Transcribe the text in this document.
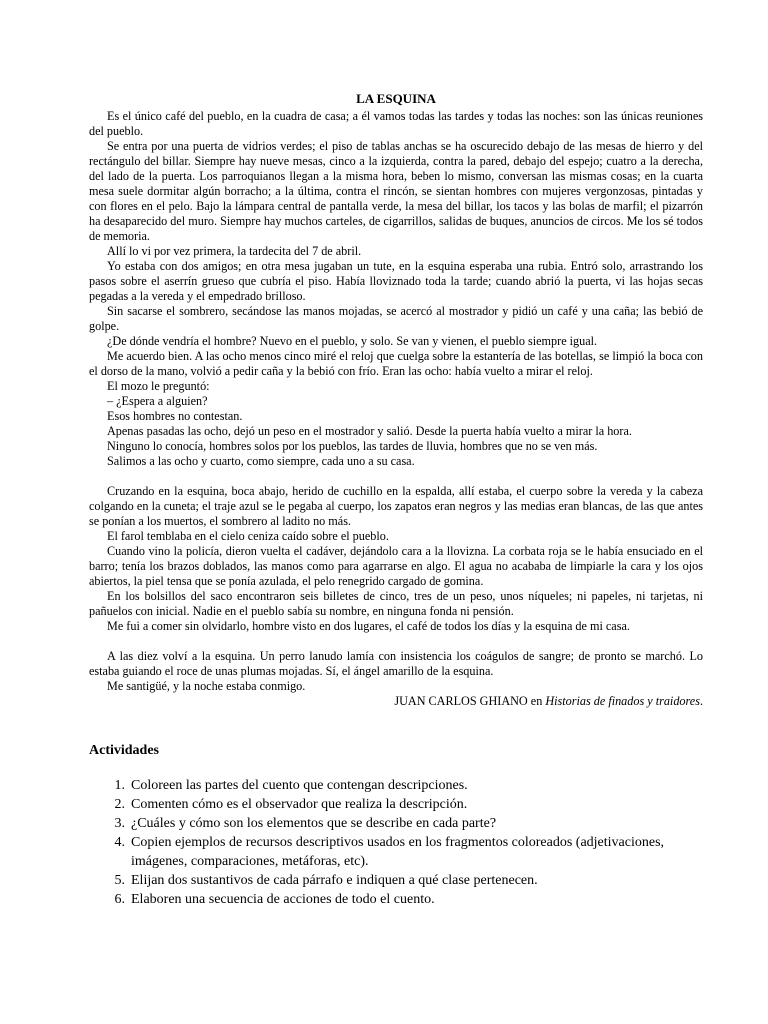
LA ESQUINA

Es el único café del pueblo, en la cuadra de casa; a él vamos todas las tardes y todas las noches: son las únicas reuniones del pueblo.

Se entra por una puerta de vidrios verdes; el piso de tablas anchas se ha oscurecido debajo de las mesas de hierro y del rectángulo del billar. Siempre hay nueve mesas, cinco a la izquierda, contra la pared, debajo del espejo; cuatro a la derecha, del lado de la puerta. Los parroquianos llegan a la misma hora, beben lo mismo, conversan las mismas cosas; en la cuarta mesa suele dormitar algún borracho; a la última, contra el rincón, se sientan hombres con mujeres vergonzosas, pintadas y con flores en el pelo. Bajo la lámpara central de pantalla verde, la mesa del billar, los tacos y las bolas de marfil; el pizarrón ha desaparecido del muro. Siempre hay muchos carteles, de cigarrillos, salidas de buques, anuncios de circos. Me los sé todos de memoria.

Allí lo vi por vez primera, la tardecita del 7 de abril.

Yo estaba con dos amigos; en otra mesa jugaban un tute, en la esquina esperaba una rubia. Entró solo, arrastrando los pasos sobre el aserrín grueso que cubría el piso. Había lloviznado toda la tarde; cuando abrió la puerta, vi las hojas secas pegadas a la vereda y el empedrado brilloso.

Sin sacarse el sombrero, secándose las manos mojadas, se acercó al mostrador y pidió un café y una caña; las bebió de golpe.

¿De dónde vendría el hombre? Nuevo en el pueblo, y solo. Se van y vienen, el pueblo siempre igual.

Me acuerdo bien. A las ocho menos cinco miré el reloj que cuelga sobre la estantería de las botellas, se limpió la boca con el dorso de la mano, volvió a pedir caña y la bebió con frío. Eran las ocho: había vuelto a mirar el reloj.

El mozo le preguntó:

– ¿Espera a alguien?

Esos hombres no contestan.

Apenas pasadas las ocho, dejó un peso en el mostrador y salió. Desde la puerta había vuelto a mirar la hora.

Ninguno lo conocía, hombres solos por los pueblos, las tardes de lluvia, hombres que no se ven más.

Salimos a las ocho y cuarto, como siempre, cada uno a su casa.

Cruzando en la esquina, boca abajo, herido de cuchillo en la espalda, allí estaba, el cuerpo sobre la vereda y la cabeza colgando en la cuneta; el traje azul se le pegaba al cuerpo, los zapatos eran negros y las medias eran blancas, de las que antes se ponían a los muertos, el sombrero al ladito no más.

El farol temblaba en el cielo ceniza caído sobre el pueblo.

Cuando vino la policía, dieron vuelta el cadáver, dejándolo cara a la llovizna. La corbata roja se le había ensuciado en el barro; tenía los brazos doblados, las manos como para agarrarse en algo. El agua no acababa de limpiarle la cara y los ojos abiertos, la piel tensa que se ponía azulada, el pelo renegrido cargado de gomina.

En los bolsillos del saco encontraron seis billetes de cinco, tres de un peso, unos níqueles; ni papeles, ni tarjetas, ni pañuelos con inicial. Nadie en el pueblo sabía su nombre, en ninguna fonda ni pensión.

Me fui a comer sin olvidarlo, hombre visto en dos lugares, el café de todos los días y la esquina de mi casa.

A las diez volví a la esquina. Un perro lanudo lamía con insistencia los coágulos de sangre; de pronto se marchó. Lo estaba guiando el roce de unas plumas mojadas. Sí, el ángel amarillo de la esquina.

Me santigüé, y la noche estaba conmigo.

JUAN CARLOS GHIANO en Historias de finados y traidores.

Actividades
1. Coloreen las partes del cuento que contengan descripciones.
2. Comenten cómo es el observador que realiza la descripción.
3. ¿Cuáles y cómo son los elementos que se describe en cada parte?
4. Copien ejemplos de recursos descriptivos usados en los fragmentos coloreados (adjetivaciones, imágenes, comparaciones, metáforas, etc).
5. Elijan dos sustantivos de cada párrafo e indiquen a qué clase pertenecen.
6. Elaboren una secuencia de acciones de todo el cuento.
